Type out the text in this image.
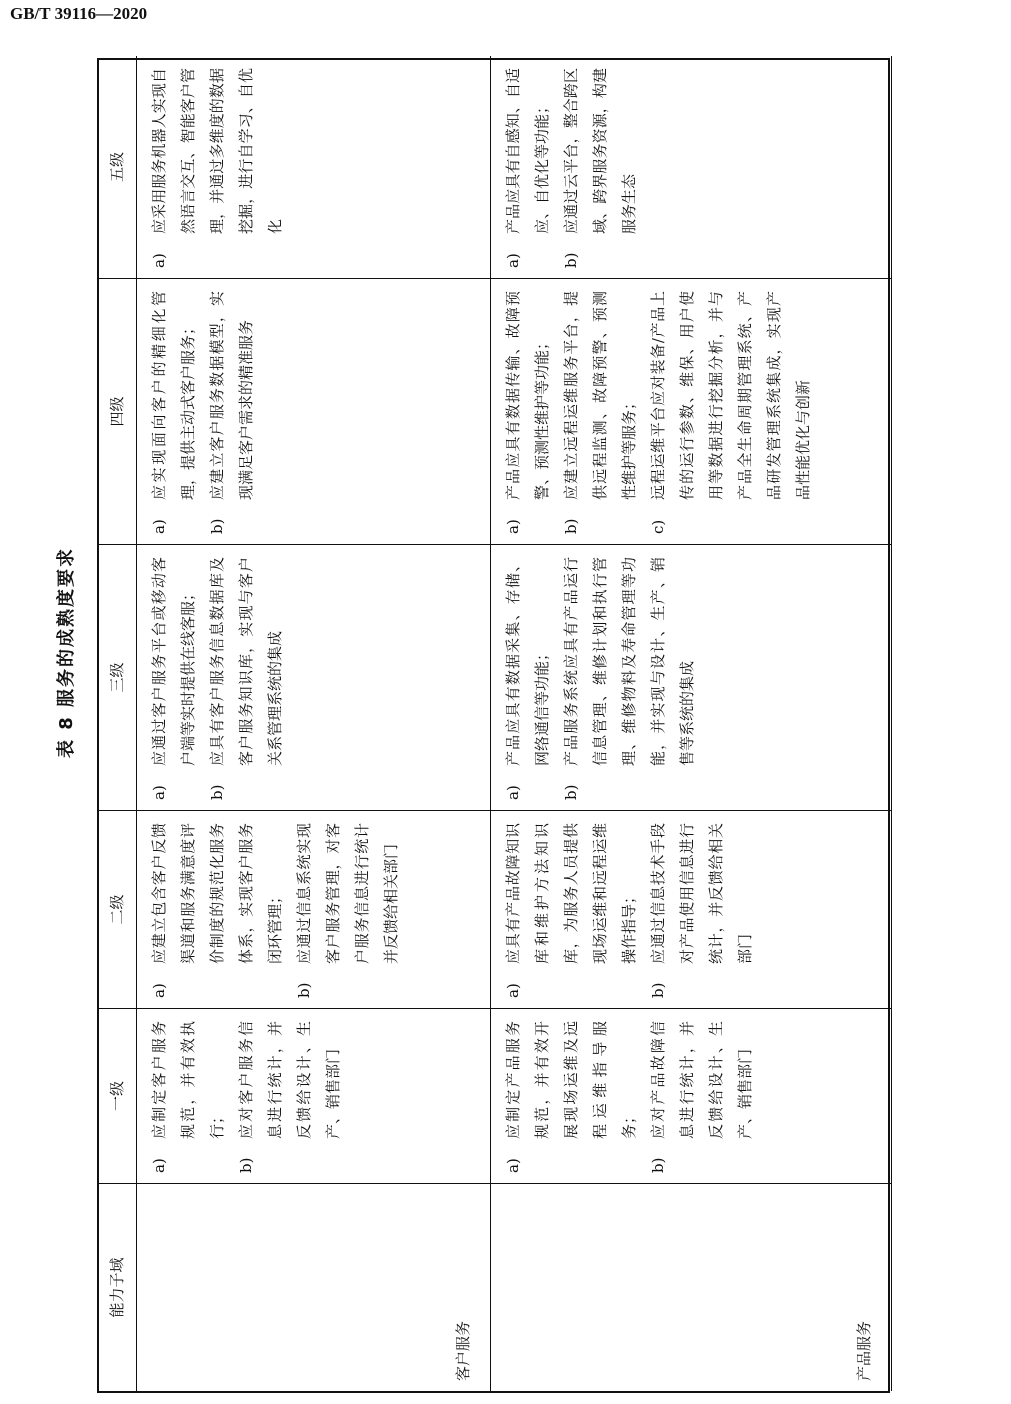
GB/T 39116—2020
表 8 服务的成熟度要求
能力子域
一级
二级
三级
四级
五级
客户服务
a)
应制定客户服务规范，并有效执行；
b)
应对客户服务信息进行统计，并反馈给设计、生产、销售部门
a)
应建立包含客户反馈渠道和服务满意度评价制度的规范化服务体系，实现客户服务闭环管理；
b)
应通过信息系统实现客户服务管理，对客户服务信息进行统计并反馈给相关部门
a)
应通过客户服务平台或移动客户端等实时提供在线客服；
b)
应具有客户服务信息数据库及客户服务知识库，实现与客户关系管理系统的集成
a)
应实现面向客户的精细化管理，提供主动式客户服务；
b)
应建立客户服务数据模型，实现满足客户需求的精准服务
a)
应采用服务机器人实现自然语言交互、智能客户管理，并通过多维度的数据挖掘，进行自学习、自优化
产品服务
a)
应制定产品服务规范，并有效开展现场运维及远程运维指导服务；
b)
应对产品故障信息进行统计，并反馈给设计、生产、销售部门
a)
应具有产品故障知识库和维护方法知识库，为服务人员提供现场运维和远程运维操作指导；
b)
应通过信息技术手段对产品使用信息进行统计，并反馈给相关部门
a)
产品应具有数据采集、存储、网络通信等功能；
b)
产品服务系统应具有产品运行信息管理、维修计划和执行管理、维修物料及寿命管理等功能，并实现与设计、生产、销售等系统的集成
a)
产品应具有数据传输、故障预警、预测性维护等功能；
b)
应建立远程运维服务平台，提供远程监测、故障预警、预测性维护等服务；
c)
远程运维平台应对装备/产品上传的运行参数、维保、用户使用等数据进行挖掘分析，并与产品全生命周期管理系统、产品研发管理系统集成，实现产品性能优化与创新
a)
产品应具有自感知、自适应、自优化等功能；
b)
应通过云平台，整合跨区域、跨界服务资源，构建服务生态
